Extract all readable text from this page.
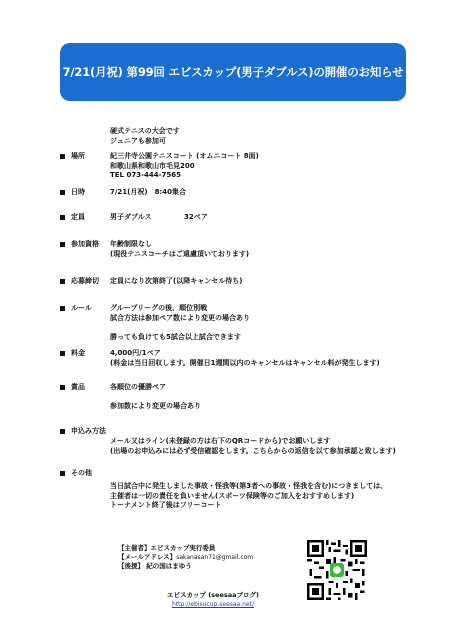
7/21(月祝) 第99回 エビスカップ(男子ダブルス)の開催のお知らせ
硬式テニスの大会です
ジュニアも参加可
場所	紀三井寺公園テニスコート (オムニコート 8面)
和歌山県和歌山市毛見200
TEL 073-444-7565
日時	7/21(月祝)　8:40集合
定員	男子ダブルス	32ペア
参加資格 年齢制限なし
(現役テニスコーチはご遠慮頂いております)
応募締切 定員になり次第終了(以降キャンセル待ち)
ルール	グループリーグの後、順位別戦
試合方法は参加ペア数により変更の場合あり
勝っても負けても5試合以上試合できます
料金	4,000円/1ペア
(料金は当日回収します。開催日1週間以内のキャンセルはキャンセル料が発生します)
賞品	各順位の優勝ペア
参加数により変更の場合あり
申込み方法
メール又はライン(未登録の方は右下のQRコードから)でお願いします
(出場のお申込みには必ず受信確認をします。こちらからの返信を以て参加承認と致します)
その他
当日試合中に発生しました事故・怪我等(第3者への事故・怪我を含む)につきましては、
主催者は一切の責任を負いません(スポーツ保険等のご加入をおすすめします)
トーナメント終了後はフリーコート
【主催者】エビスカップ実行委員
【メールアドレス】sakanasan71@gmail.com
【後援】 紀の国はまゆう
エビスカップ (seesaaブログ)
http://ebisucup.seesaa.net/
